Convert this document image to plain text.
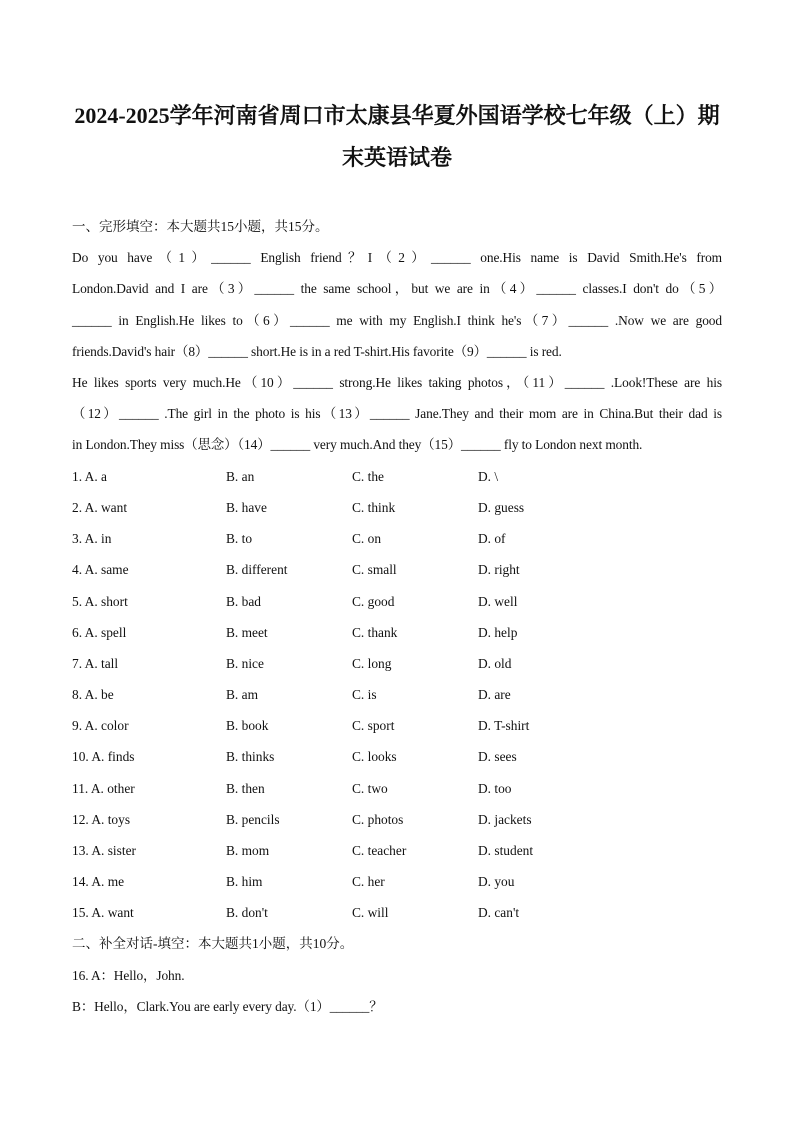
2024-2025学年河南省周口市太康县华夏外国语学校七年级（上）期
末英语试卷
一、完形填空：本大题共15小题，共15分。
Do you have（1）______ English friend？I（2）______ one.His name is David Smith.He's from
London.David and I are（3）______ the same school，but we are in（4）______ classes.I don't do（5）
______ in English.He likes to（6）______ me with my English.I think he's（7）______ .Now we are good
friends.David's hair（8）______ short.He is in a red T-shirt.His favorite（9）______ is red.
He likes sports very much.He（10）______ strong.He likes taking photos，（11）______ .Look!These are his
（12）______ .The girl in the photo is his（13）______ Jane.They and their mom are in China.But their dad is
in London.They miss（思念）（14）______ very much.And they（15）______ fly to London next month.
1. A. a	B. an	C. the	D. \
2. A. want	B. have	C. think	D. guess
3. A. in	B. to	C. on	D. of
4. A. same	B. different	C. small	D. right
5. A. short	B. bad	C. good	D. well
6. A. spell	B. meet	C. thank	D. help
7. A. tall	B. nice	C. long	D. old
8. A. be	B. am	C. is	D. are
9. A. color	B. book	C. sport	D. T-shirt
10. A. finds	B. thinks	C. looks	D. sees
11. A. other	B. then	C. two	D. too
12. A. toys	B. pencils	C. photos	D. jackets
13. A. sister	B. mom	C. teacher	D. student
14. A. me	B. him	C. her	D. you
15. A. want	B. don't	C. will	D. can't
二、补全对话-填空：本大题共1小题，共10分。
16. A：Hello，John.
B：Hello，Clark.You are early every day.（1）______？
